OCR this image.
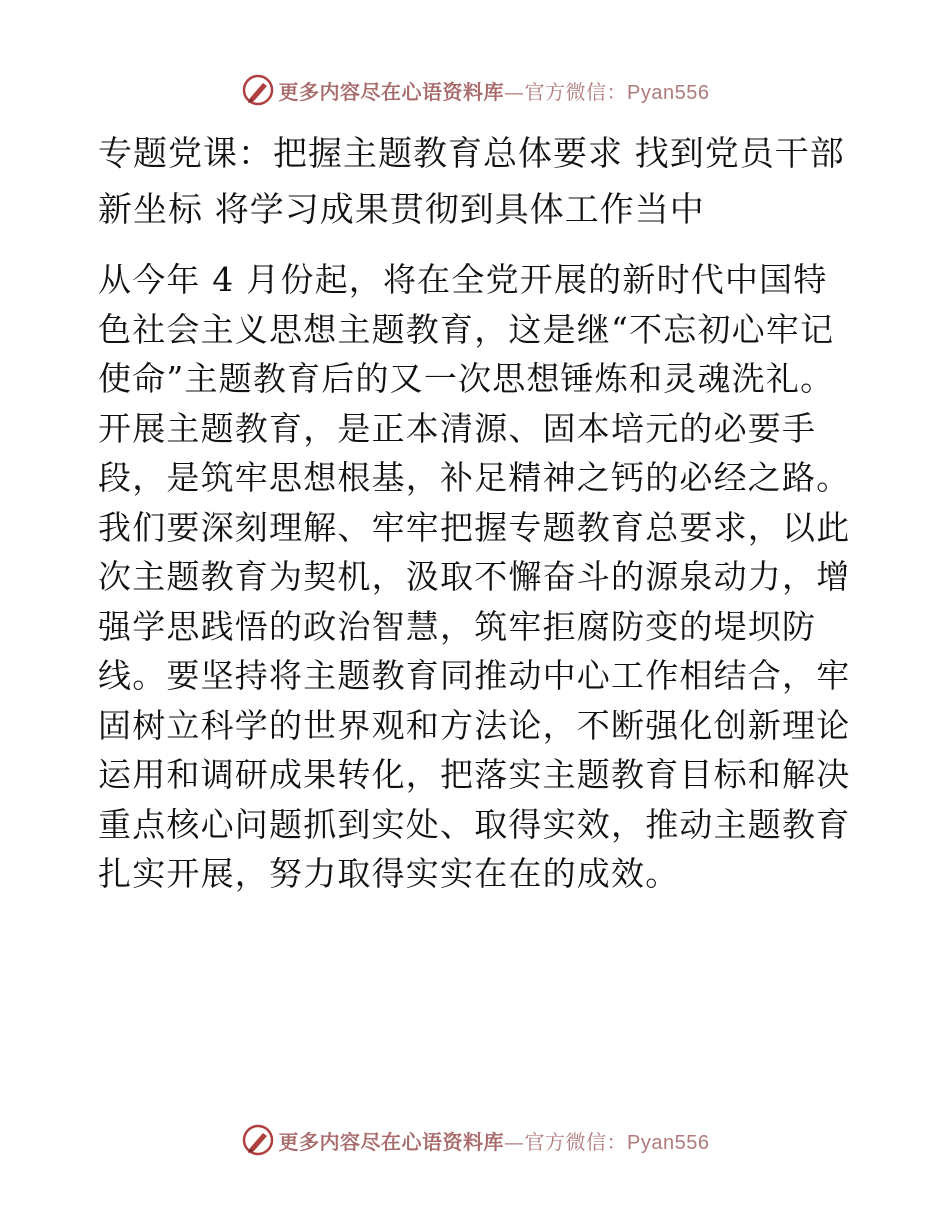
更多内容尽在心语资料库—官方微信：Pyan556
专题党课：把握主题教育总体要求 找到党员干部
新坐标 将学习成果贯彻到具体工作当中
从今年 4 月份起，将在全党开展的新时代中国特
色社会主义思想主题教育，这是继“不忘初心牢记
使命”主题教育后的又一次思想锤炼和灵魂洗礼。
开展主题教育，是正本清源、固本培元的必要手
段，是筑牢思想根基，补足精神之钙的必经之路。
我们要深刻理解、牢牢把握专题教育总要求，以此
次主题教育为契机，汲取不懈奋斗的源泉动力，增
强学思践悟的政治智慧，筑牢拒腐防变的堤坝防
线。要坚持将主题教育同推动中心工作相结合，牢
固树立科学的世界观和方法论，不断强化创新理论
运用和调研成果转化，把落实主题教育目标和解决
重点核心问题抓到实处、取得实效，推动主题教育
扎实开展，努力取得实实在在的成效。
更多内容尽在心语资料库—官方微信：Pyan556
